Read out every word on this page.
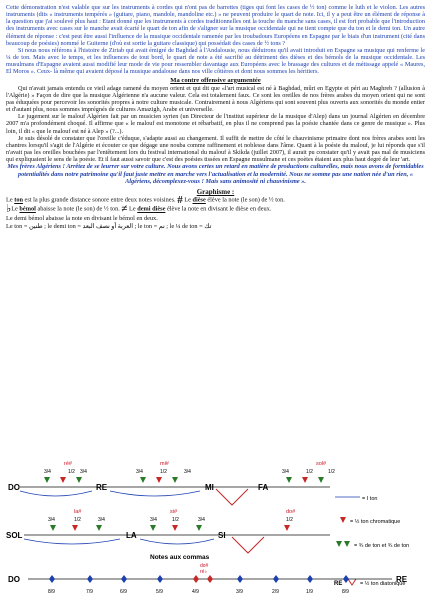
Cette démonstration n'est valable que sur les instruments à cordes qui n'ont pas de barrettes (tiges qui font les cases de ½ ton) comme le luth et le violon. Les autres instruments (dits « instruments tempérés » (guitare, piano, mandole, mandoline etc.) » ne peuvent produire le quart de note. Ici, il y a peut être un élément de réponse à la question que j'ai soulevé plus haut : Etant donné que les instruments à cordes traditionnelles ont la touche du manche sans cases, il est fort probable que l'introduction des instruments avec cases sur le manche avait écarté le quart de ton afin de s'aligner sur la musique occidentale qui ne tient compte que du ton et le demi ton. Un autre élément de réponse : c'est peut être aussi l'influence de la musique occidentale ramenée par les troubadours Européens en Espagne par le biais d'un instrument (cité dans beaucoup de poésies) nommé le Guiterne (d'où est sortie la guitare classique) qui possédait des cases de ½ tons ?

Si nous nous référons à l'histoire de Ziriab qui avait émigré de Baghdad à l'Andalousie, nous déduirons qu'il avait introduit en Espagne sa musique qui renferme le ¼ de ton. Mais avec le temps, et les influences de tout bord, le quart de note a été sacrifié au détriment des dièses et des bémols de la musique occidentale. Les musulmans d'Espagne avaient aussi modifié leur mode de vie pour ressembler davantage aux Européens avec le brassage des cultures et de métissage appelé « Maures, El Moros ». Ceux- là même qui avaient déposé la musique andalouse dans nos ville côtières et dont nous sommes les héritiers.

Ma contre offensive argumentée

Qui n'avait jamais entendu ce vieil adage ramené du moyen orient et qui dit que «l'art musical est né à Baghdad, mûri en Egypte et péri au Maghreb ? (allusion à l'Algérie) » Façon de dire que la musique Algérienne n'a aucune valeur. Cela est totalement faux. Ce sont les oreilles de nos frères arabes du moyen orient qui ne sont pas éduquées pour percevoir les sonorités propres à notre culture musicale. Contrairement à nous Algériens qui sont souvent plus ouverts aux sonorités du monde entier et d'autant plus, nous sommes imprégnés de cultures Amazigh, Arabe et universelle.

Le jugement sur le malouf Algérien fait par un musicien syrien (un Directeur de l'institut supérieur de la musique d'Alep) dans un journal Algérien en décembre 2007 m'a profondément choqué. Il affirme que « le malouf est monotone et rébarbatif, en plus il ne comprend pas la poésie chantée dans ce genre de musique ». Plus loin, il dit « que le malouf est né à Alep » (?...).

Je suis désolé de constater que l'oreille c'éduque, s'adapte aussi au changement. Il suffit de mettre de côté le chauvinisme primaire dont nos frères arabes sont les chantres lorsqu'il s'agit de l'Algérie et écouter ce que dégage une nouba comme raffinement et noblesse dans l'âme. Quant à la poésie du malouf, je lui réponds que s'il n'avait pas les oreilles bouchées par l'entêtement lors du festival international du malouf à Skikda (juillet 2007), il aurait pu constater qu'il y avait pas mal de musiciens qui expliquaient le sens de la poésie. Et il faut aussi savoir que c'est des poésies tissées en Espagne musulmane et ces poètes étaient aux plus haut degré de leur 'art.

Mes frères Algériens ! Arrêtez de se leurrer sur votre culture. Nous avons certes un retard en matière de productions culturelles, mais nous avons de formidables potentialités dans notre patrimoine qu'il faut juste mettre en marche vers l'actualisation et la modernité. Nous ne somme pas une nation née d'un rien, « Algériens, décomplexez-vous ! Mais sans animosité ni chauvinisme ».

Graphisme :

Le ton est la plus grande distance sonore entre deux notes voisines. # Le dièse élève la note (le son) de ½ ton.

♭Le bémol abaisse la note (le son) de ½ ton. ≠ Le demi dièse élève la note en divisant le dièse en deux.

Le demi bémol abaisse la note en divisant le bémol en deux.

Le ton = طنين ; le demi ton = العربة أو نصف البعد ; le ton = نم ; le ¼ de ton = تك

DO	RE	MI	FA
ré#	mi#	sol#
3/4	1/2 3/4	3/4	1/2	3/4	3/4	1/2	1/2
= I ton
= ½ ton chromatique
= ¾ de ton et ¾ de ton
RE	= ½ ton diatonique
SOL	LA	SI
la#	si#	do#
3/4	1/2	3/4	3/4	1/2	3/4	1/2
Notes aux commas
do#
ré♭
DO	RE
8/9	7/9	6/9	5/9	4/9	3/9	2/9	1/9	8/9
